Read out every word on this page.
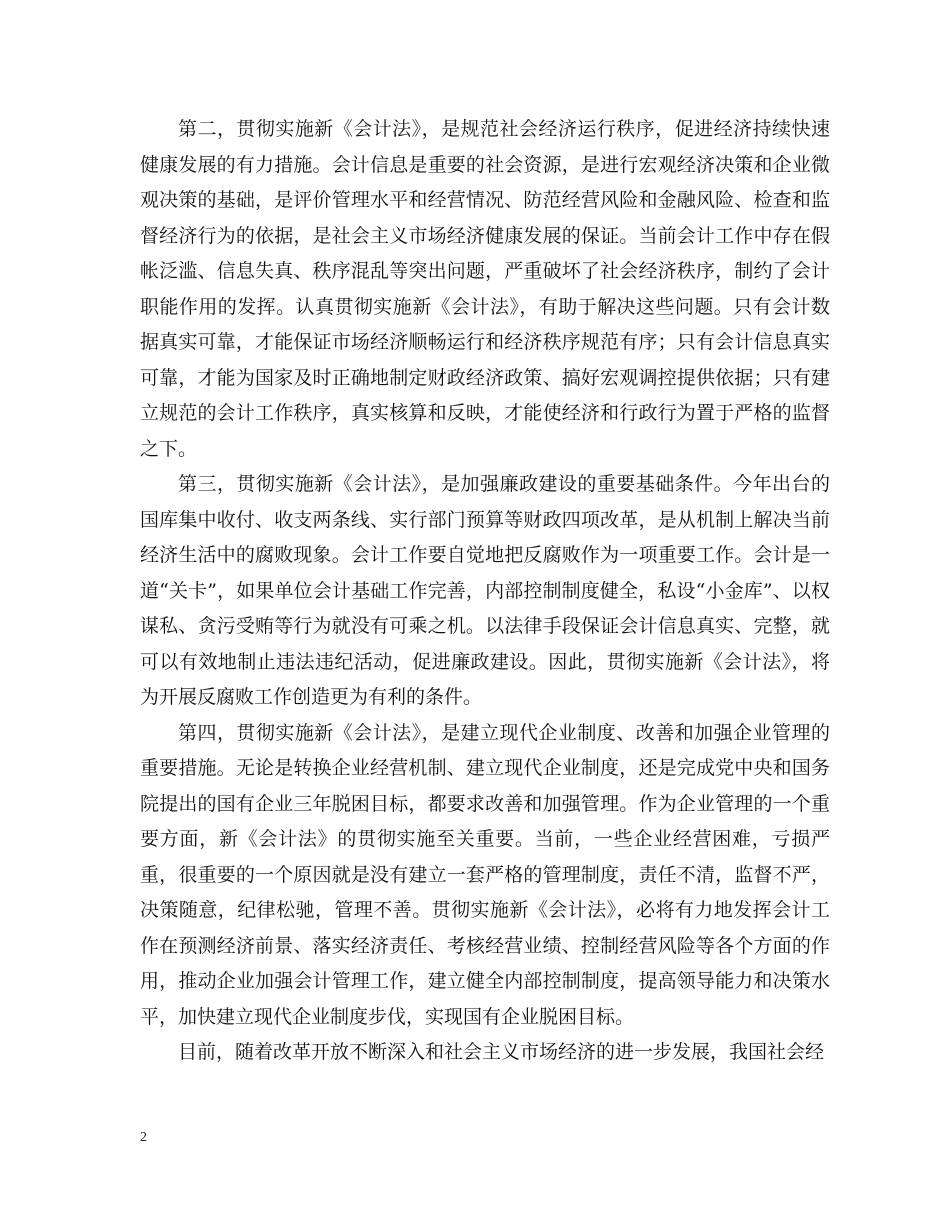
第二，贯彻实施新《会计法》，是规范社会经济运行秩序，促进经济持续快速健康发展的有力措施。会计信息是重要的社会资源，是进行宏观经济决策和企业微观决策的基础，是评价管理水平和经营情况、防范经营风险和金融风险、检查和监督经济行为的依据，是社会主义市场经济健康发展的保证。当前会计工作中存在假帐泛滥、信息失真、秩序混乱等突出问题，严重破坏了社会经济秩序，制约了会计职能作用的发挥。认真贯彻实施新《会计法》，有助于解决这些问题。只有会计数据真实可靠，才能保证市场经济顺畅运行和经济秩序规范有序；只有会计信息真实可靠，才能为国家及时正确地制定财政经济政策、搞好宏观调控提供依据；只有建立规范的会计工作秩序，真实核算和反映，才能使经济和行政行为置于严格的监督之下。

第三，贯彻实施新《会计法》，是加强廉政建设的重要基础条件。今年出台的国库集中收付、收支两条线、实行部门预算等财政四项改革，是从机制上解决当前经济生活中的腐败现象。会计工作要自觉地把反腐败作为一项重要工作。会计是一道“关卡”，如果单位会计基础工作完善，内部控制制度健全，私设“小金库”、以权谋私、贪污受贿等行为就没有可乘之机。以法律手段保证会计信息真实、完整，就可以有效地制止违法违纪活动，促进廉政建设。因此，贯彻实施新《会计法》，将为开展反腐败工作创造更为有利的条件。

第四，贯彻实施新《会计法》，是建立现代企业制度、改善和加强企业管理的重要措施。无论是转换企业经营机制、建立现代企业制度，还是完成党中央和国务院提出的国有企业三年脱困目标，都要求改善和加强管理。作为企业管理的一个重要方面，新《会计法》的贯彻实施至关重要。当前，一些企业经营困难，亏损严重，很重要的一个原因就是没有建立一套严格的管理制度，责任不清，监督不严，决策随意，纪律松驰，管理不善。贯彻实施新《会计法》，必将有力地发挥会计工作在预测经济前景、落实经济责任、考核经营业绩、控制经营风险等各个方面的作用，推动企业加强会计管理工作，建立健全内部控制制度，提高领导能力和决策水平，加快建立现代企业制度步伐，实现国有企业脱困目标。

目前，随着改革开放不断深入和社会主义市场经济的进一步发展，我国社会经

2
